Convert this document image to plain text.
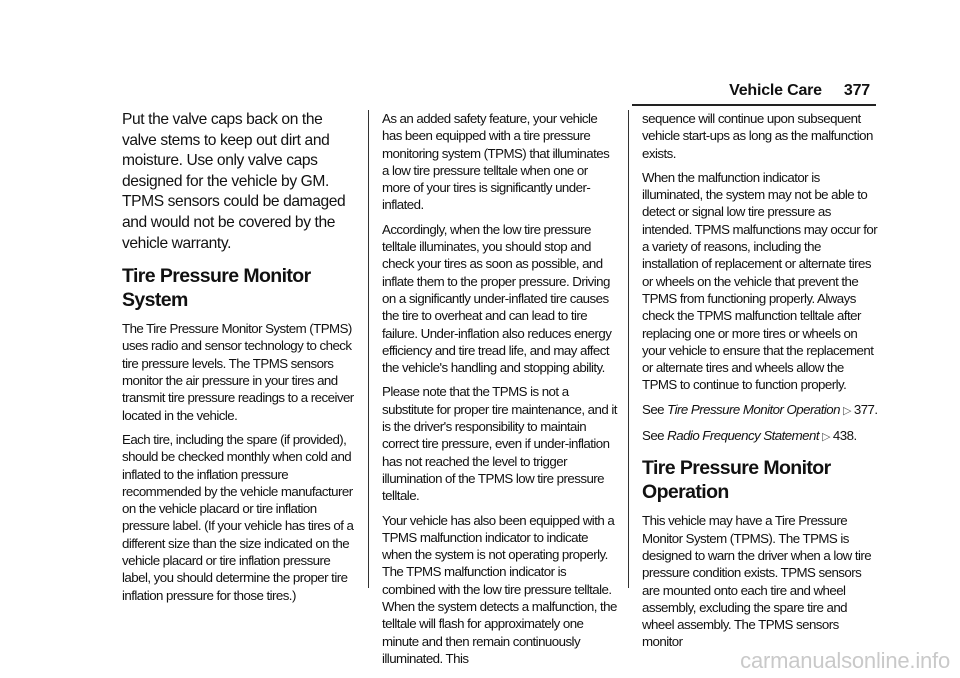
Vehicle Care 377

Put the valve caps back on the valve stems to keep out dirt and moisture. Use only valve caps designed for the vehicle by GM. TPMS sensors could be damaged and would not be covered by the vehicle warranty.

Tire Pressure Monitor System

The Tire Pressure Monitor System (TPMS) uses radio and sensor technology to check tire pressure levels. The TPMS sensors monitor the air pressure in your tires and transmit tire pressure readings to a receiver located in the vehicle.

Each tire, including the spare (if provided), should be checked monthly when cold and inflated to the inflation pressure recommended by the vehicle manufacturer on the vehicle placard or tire inflation pressure label. (If your vehicle has tires of a different size than the size indicated on the vehicle placard or tire inflation pressure label, you should determine the proper tire inflation pressure for those tires.)

As an added safety feature, your vehicle has been equipped with a tire pressure monitoring system (TPMS) that illuminates a low tire pressure telltale when one or more of your tires is significantly under-inflated.

Accordingly, when the low tire pressure telltale illuminates, you should stop and check your tires as soon as possible, and inflate them to the proper pressure. Driving on a significantly under-inflated tire causes the tire to overheat and can lead to tire failure. Under-inflation also reduces energy efficiency and tire tread life, and may affect the vehicle's handling and stopping ability.

Please note that the TPMS is not a substitute for proper tire maintenance, and it is the driver's responsibility to maintain correct tire pressure, even if under-inflation has not reached the level to trigger illumination of the TPMS low tire pressure telltale.

Your vehicle has also been equipped with a TPMS malfunction indicator to indicate when the system is not operating properly. The TPMS malfunction indicator is combined with the low tire pressure telltale. When the system detects a malfunction, the telltale will flash for approximately one minute and then remain continuously illuminated. This

sequence will continue upon subsequent vehicle start-ups as long as the malfunction exists.

When the malfunction indicator is illuminated, the system may not be able to detect or signal low tire pressure as intended. TPMS malfunctions may occur for a variety of reasons, including the installation of replacement or alternate tires or wheels on the vehicle that prevent the TPMS from functioning properly. Always check the TPMS malfunction telltale after replacing one or more tires or wheels on your vehicle to ensure that the replacement or alternate tires and wheels allow the TPMS to continue to function properly.

See Tire Pressure Monitor Operation ▷ 377.

See Radio Frequency Statement ▷ 438.

Tire Pressure Monitor Operation

This vehicle may have a Tire Pressure Monitor System (TPMS). The TPMS is designed to warn the driver when a low tire pressure condition exists. TPMS sensors are mounted onto each tire and wheel assembly, excluding the spare tire and wheel assembly. The TPMS sensors monitor

carmanualsonline.info
